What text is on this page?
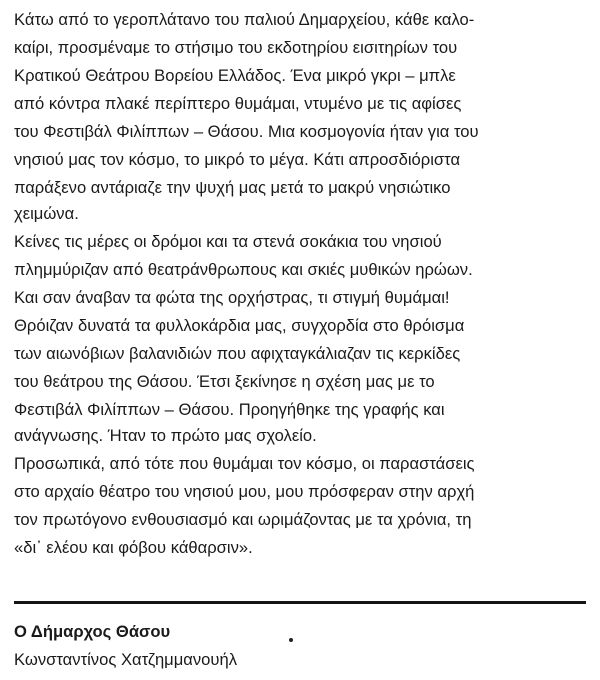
Κάτω από το γεροπλάτανο του παλιού Δημαρχείου, κάθε καλο-
καίρι, προσμέναμε το στήσιμο του εκδοτηρίου εισιτηρίων του
Κρατικού Θεάτρου Βορείου Ελλάδος. Ένα μικρό γκρι – μπλε
από κόντρα πλακέ περίπτερο θυμάμαι, ντυμένο με τις αφίσες
του Φεστιβάλ Φιλίππων – Θάσου. Μια κοσμογονία ήταν για του
νησιού μας τον κόσμο, το μικρό το μέγα. Κάτι απροσδιόριστα
παράξενο αντάριαζε την ψυχή μας μετά το μακρύ νησιώτικο
χειμώνα.
Κείνες τις μέρες οι δρόμοι και τα στενά σοκάκια του νησιού
πλημμύριζαν από θεατράνθρωπους και σκιές μυθικών ηρώων.
Και σαν άναβαν τα φώτα της ορχήστρας, τι στιγμή θυμάμαι!
Θρόιζαν δυνατά τα φυλλοκάρδια μας, συγχορδία στο θρόισμα
των αιωνόβιων βαλανιδιών που αφιχταγκάλιαζαν τις κερκίδες
του θεάτρου της Θάσου. Έτσι ξεκίνησε η σχέση μας με το
Φεστιβάλ Φιλίππων – Θάσου. Προηγήθηκε της γραφής και
ανάγνωσης. Ήταν το πρώτο μας σχολείο.
Προσωπικά, από τότε που θυμάμαι τον κόσμο, οι παραστάσεις
στο αρχαίο θέατρο του νησιού μου, μου πρόσφεραν στην αρχή
τον πρωτόγονο ενθουσιασμό και ωριμάζοντας με τα χρόνια, τη
«δι᾽ ελέου και φόβου κάθαρσιν».
Ο Δήμαρχος Θάσου
Κωνσταντίνος Χατζημμανουήλ
